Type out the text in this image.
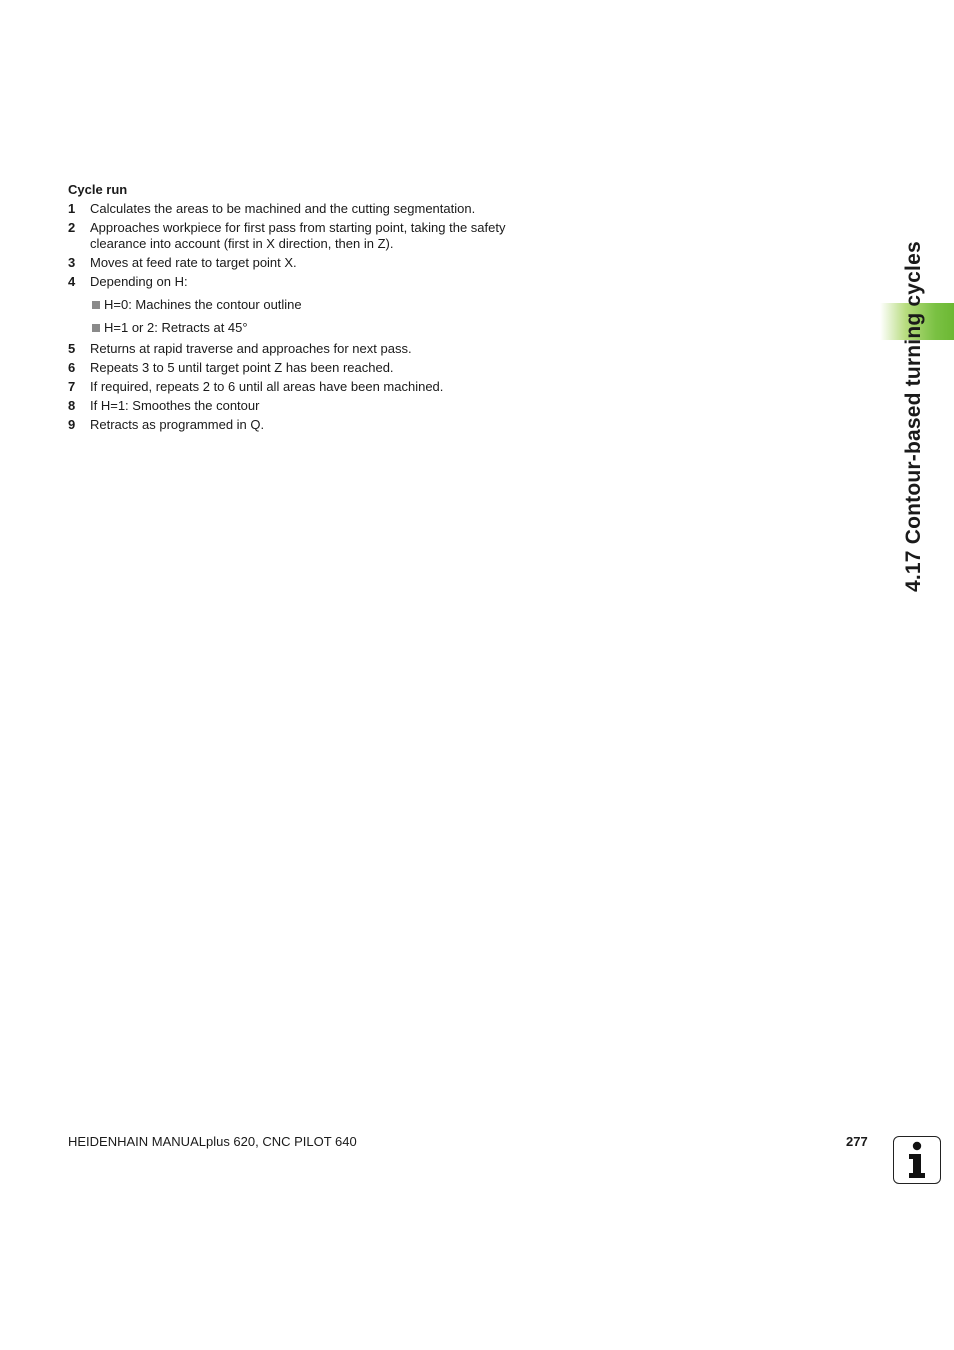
Cycle run
1 Calculates the areas to be machined and the cutting segmentation.
2 Approaches workpiece for first pass from starting point, taking the safety clearance into account (first in X direction, then in Z).
3 Moves at feed rate to target point X.
4 Depending on H:
H=0: Machines the contour outline
H=1 or 2: Retracts at 45°
5 Returns at rapid traverse and approaches for next pass.
6 Repeats 3 to 5 until target point Z has been reached.
7 If required, repeats 2 to 6 until all areas have been machined.
8 If H=1: Smoothes the contour
9 Retracts as programmed in Q.	4.17 Contour-based turning cycles
HEIDENHAIN MANUALplus 620, CNC PILOT 640	277
